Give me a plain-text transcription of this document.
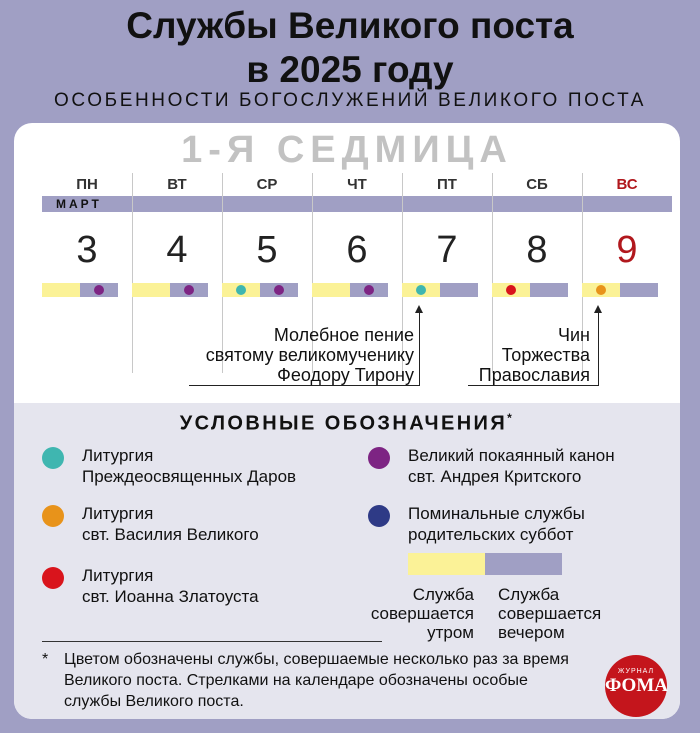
Службы Великого поста
в 2025 году
ОСОБЕННОСТИ БОГОСЛУЖЕНИЙ ВЕЛИКОГО ПОСТА
1-Я СЕДМИЦА
МАРТ
ПН
3
ВТ
4
СР
5
ЧТ
6
ПТ
7
СБ
8
ВС
9
Молебное пение
святому великомученику
Феодору Тирону
Чин
Торжества
Православия
УСЛОВНЫЕ ОБОЗНАЧЕНИЯ*
Литургия
Преждеосвященных Даров
Литургия
свт. Василия Великого
Литургия
свт. Иоанна Златоуста
Великий покаянный канон
свт. Андрея Критского
Поминальные службы
родительских суббот
Служба
совершается
утром
Служба
совершается
вечером
* Цветом обозначены службы, совершаемые несколько раз за время Великого поста. Стрелками на календаре обозначены особые службы Великого поста.
ЖУРНАЛ
ФОМА
